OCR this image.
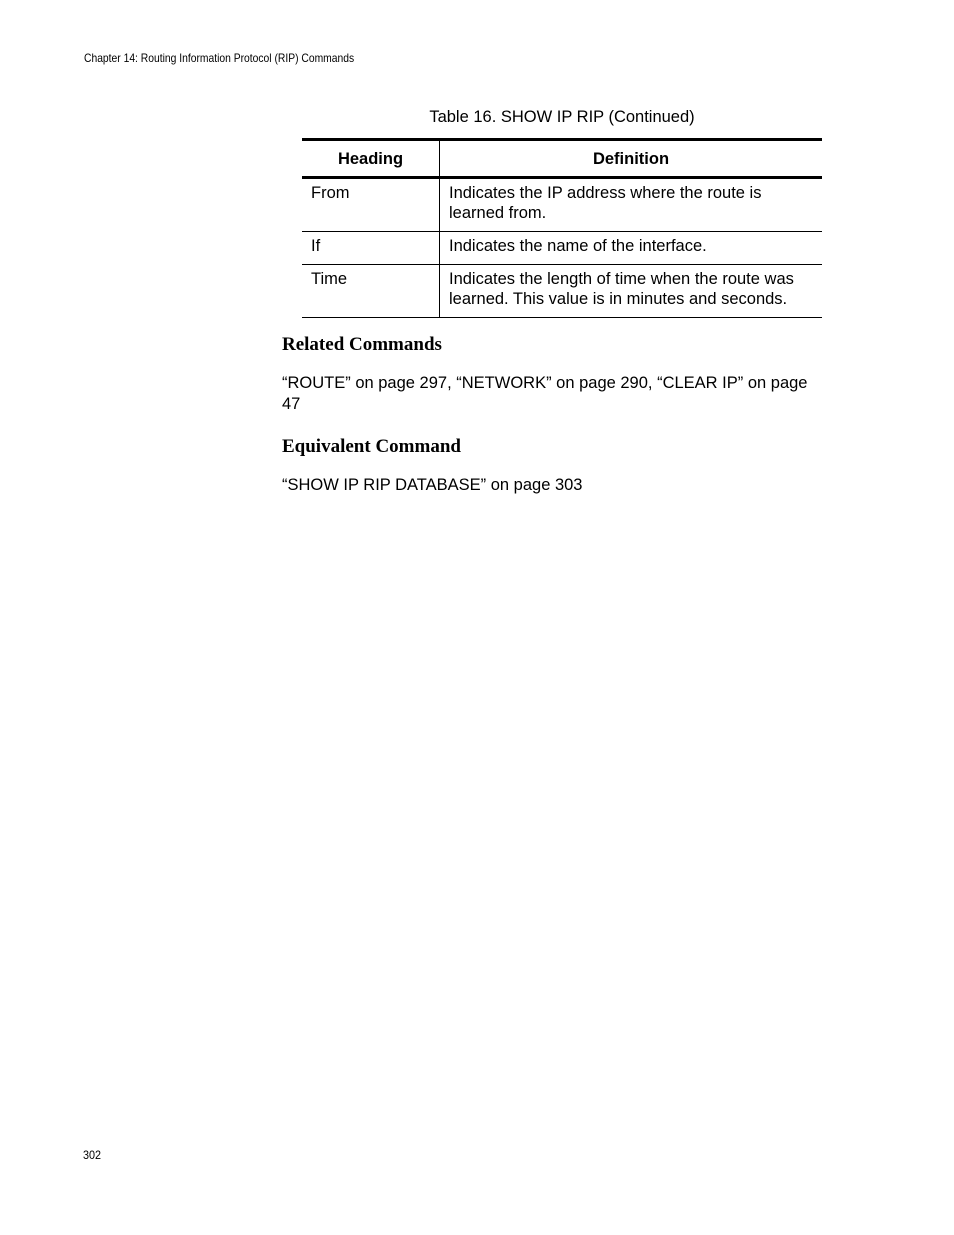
Chapter 14: Routing Information Protocol (RIP) Commands
Table 16. SHOW IP RIP (Continued)
Heading	Definition
From	Indicates the IP address where the route is learned from.
If	Indicates the name of the interface.
Time	Indicates the length of time when the route was learned. This value is in minutes and seconds.
Related Commands
“ROUTE” on page 297, “NETWORK” on page 290, “CLEAR IP” on page 47
Equivalent Command
“SHOW IP RIP DATABASE” on page 303
302
